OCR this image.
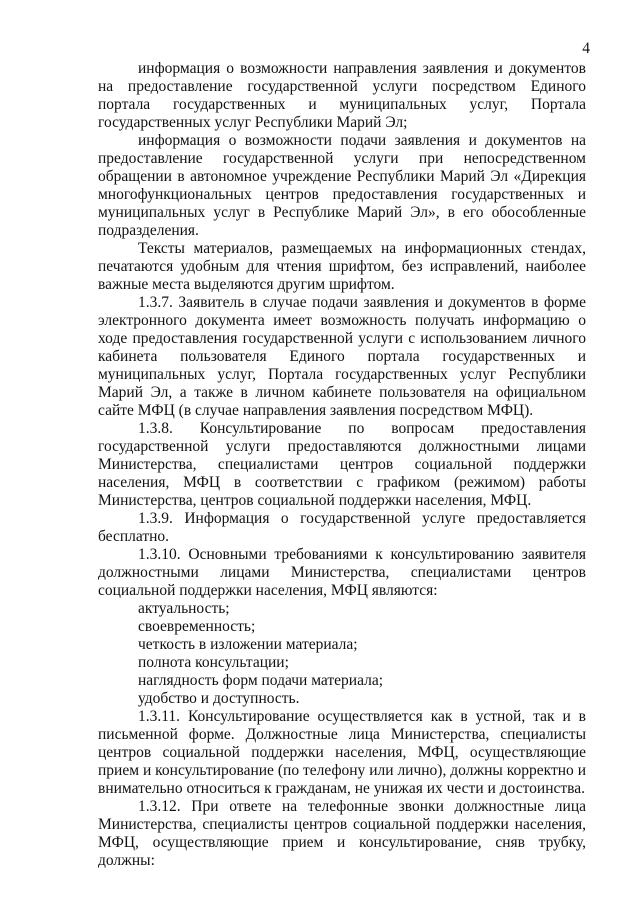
4

информация о возможности направления заявления и документов на предоставление государственной услуги посредством Единого портала государственных и муниципальных услуг, Портала государственных услуг Республики Марий Эл;

информация о возможности подачи заявления и документов на предоставление государственной услуги при непосредственном обращении в автономное учреждение Республики Марий Эл «Дирекция многофункциональных центров предоставления государственных и муниципальных услуг в Республике Марий Эл», в его обособленные подразделения.

Тексты материалов, размещаемых на информационных стендах, печатаются удобным для чтения шрифтом, без исправлений, наиболее важные места выделяются другим шрифтом.

1.3.7. Заявитель в случае подачи заявления и документов в форме электронного документа имеет возможность получать информацию о ходе предоставления государственной услуги с использованием личного кабинета пользователя Единого портала государственных и муниципальных услуг, Портала государственных услуг Республики Марий Эл, а также в личном кабинете пользователя на официальном сайте МФЦ (в случае направления заявления посредством МФЦ).

1.3.8. Консультирование по вопросам предоставления государственной услуги предоставляются должностными лицами Министерства, специалистами центров социальной поддержки населения, МФЦ в соответствии с графиком (режимом) работы Министерства, центров социальной поддержки населения, МФЦ.

1.3.9. Информация о государственной услуге предоставляется бесплатно.

1.3.10. Основными требованиями к консультированию заявителя должностными лицами Министерства, специалистами центров социальной поддержки населения, МФЦ являются:

актуальность;

своевременность;

четкость в изложении материала;

полнота консультации;

наглядность форм подачи материала;

удобство и доступность.

1.3.11. Консультирование осуществляется как в устной, так и в письменной форме. Должностные лица Министерства, специалисты центров социальной поддержки населения, МФЦ, осуществляющие прием и консультирование (по телефону или лично), должны корректно и внимательно относиться к гражданам, не унижая их чести и достоинства.

1.3.12. При ответе на телефонные звонки должностные лица Министерства, специалисты центров социальной поддержки населения, МФЦ, осуществляющие прием и консультирование, сняв трубку, должны:
